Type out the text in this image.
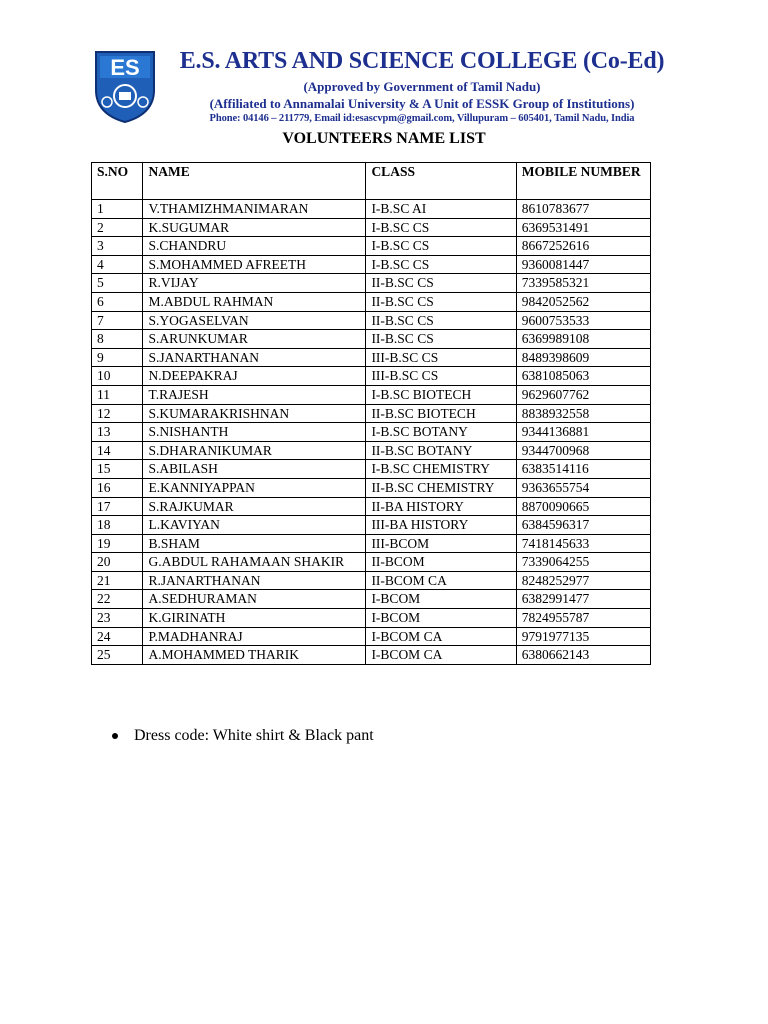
ES	E.S. ARTS AND SCIENCE COLLEGE (Co-Ed)
(Approved by Government of Tamil Nadu)
(Affiliated to Annamalai University & A Unit of ESSK Group of Institutions)
Phone: 04146 – 211779, Email id:esascvpm@gmail.com, Villupuram – 605401, Tamil Nadu, India
VOLUNTEERS NAME LIST
S.NO	NAME	CLASS	MOBILE NUMBER
1	V.THAMIZHMANIMARAN	I-B.SC AI	8610783677
2	K.SUGUMAR	I-B.SC CS	6369531491
3	S.CHANDRU	I-B.SC CS	8667252616
4	S.MOHAMMED AFREETH	I-B.SC CS	9360081447
5	R.VIJAY	II-B.SC CS	7339585321
6	M.ABDUL RAHMAN	II-B.SC CS	9842052562
7	S.YOGASELVAN	II-B.SC CS	9600753533
8	S.ARUNKUMAR	II-B.SC CS	6369989108
9	S.JANARTHANAN	III-B.SC CS	8489398609
10	N.DEEPAKRAJ	III-B.SC CS	6381085063
11	T.RAJESH	I-B.SC BIOTECH	9629607762
12	S.KUMARAKRISHNAN	II-B.SC BIOTECH	8838932558
13	S.NISHANTH	I-B.SC BOTANY	9344136881
14	S.DHARANIKUMAR	II-B.SC BOTANY	9344700968
15	S.ABILASH	I-B.SC CHEMISTRY	6383514116
16	E.KANNIYAPPAN	II-B.SC CHEMISTRY	9363655754
17	S.RAJKUMAR	II-BA HISTORY	8870090665
18	L.KAVIYAN	III-BA HISTORY	6384596317
19	B.SHAM	III-BCOM	7418145633
20	G.ABDUL RAHAMAAN SHAKIR	II-BCOM	7339064255
21	R.JANARTHANAN	II-BCOM CA	8248252977
22	A.SEDHURAMAN	I-BCOM	6382991477
23	K.GIRINATH	I-BCOM	7824955787
24	P.MADHANRAJ	I-BCOM CA	9791977135
25	A.MOHAMMED THARIK	I-BCOM CA	6380662143
Dress code: White shirt & Black pant
